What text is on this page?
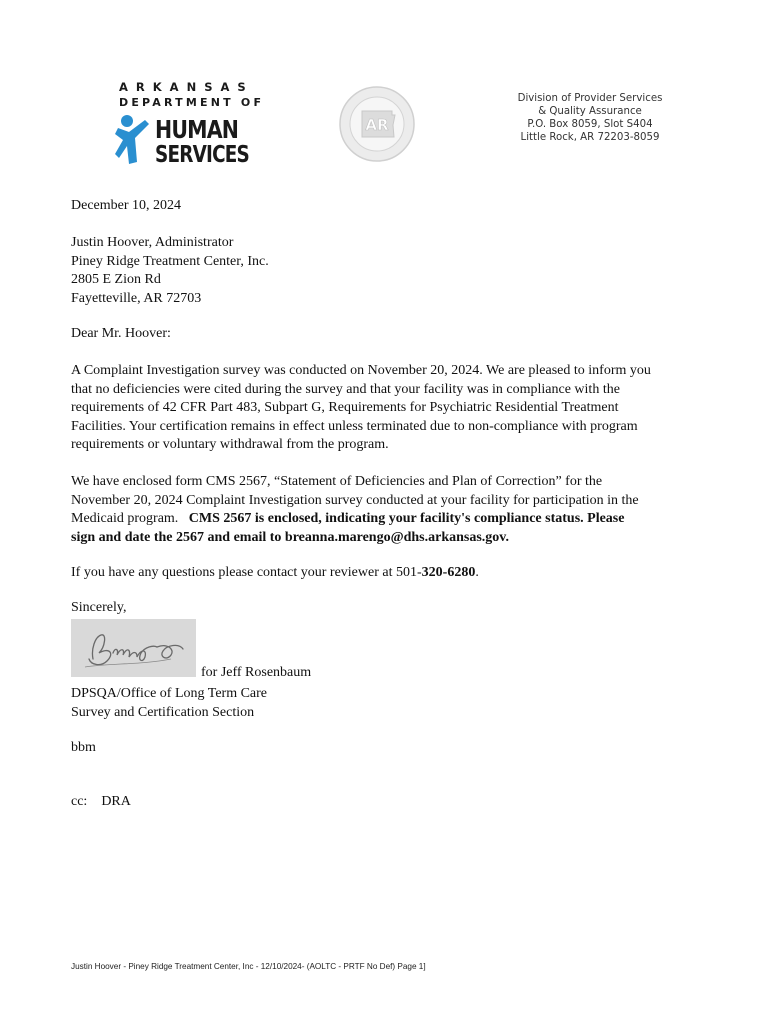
ARKANSAS
DEPARTMENT OF
HUMAN
SERVICES
AR
Division of Provider Services
& Quality Assurance
P.O. Box 8059, Slot S404
Little Rock, AR 72203-8059
December 10, 2024
Justin Hoover, Administrator
Piney Ridge Treatment Center, Inc.
2805 E Zion Rd
Fayetteville, AR 72703
Dear Mr. Hoover:
A Complaint Investigation survey was conducted on November 20, 2024. We are pleased to inform you
that no deficiencies were cited during the survey and that your facility was in compliance with the
requirements of 42 CFR Part 483, Subpart G, Requirements for Psychiatric Residential Treatment
Facilities. Your certification remains in effect unless terminated due to non-compliance with program
requirements or voluntary withdrawal from the program.
We have enclosed form CMS 2567, “Statement of Deficiencies and Plan of Correction” for the
November 20, 2024 Complaint Investigation survey conducted at your facility for participation in the
Medicaid program.   CMS 2567 is enclosed, indicating your facility's compliance status. Please
sign and date the 2567 and email to breanna.marengo@dhs.arkansas.gov.
If you have any questions please contact your reviewer at 501-320-6280.
Sincerely,
for Jeff Rosenbaum
DPSQA/Office of Long Term Care
Survey and Certification Section
bbm
cc:    DRA
Justin Hoover - Piney Ridge Treatment Center, Inc - 12/10/2024- (AOLTC - PRTF No Def) Page 1]
